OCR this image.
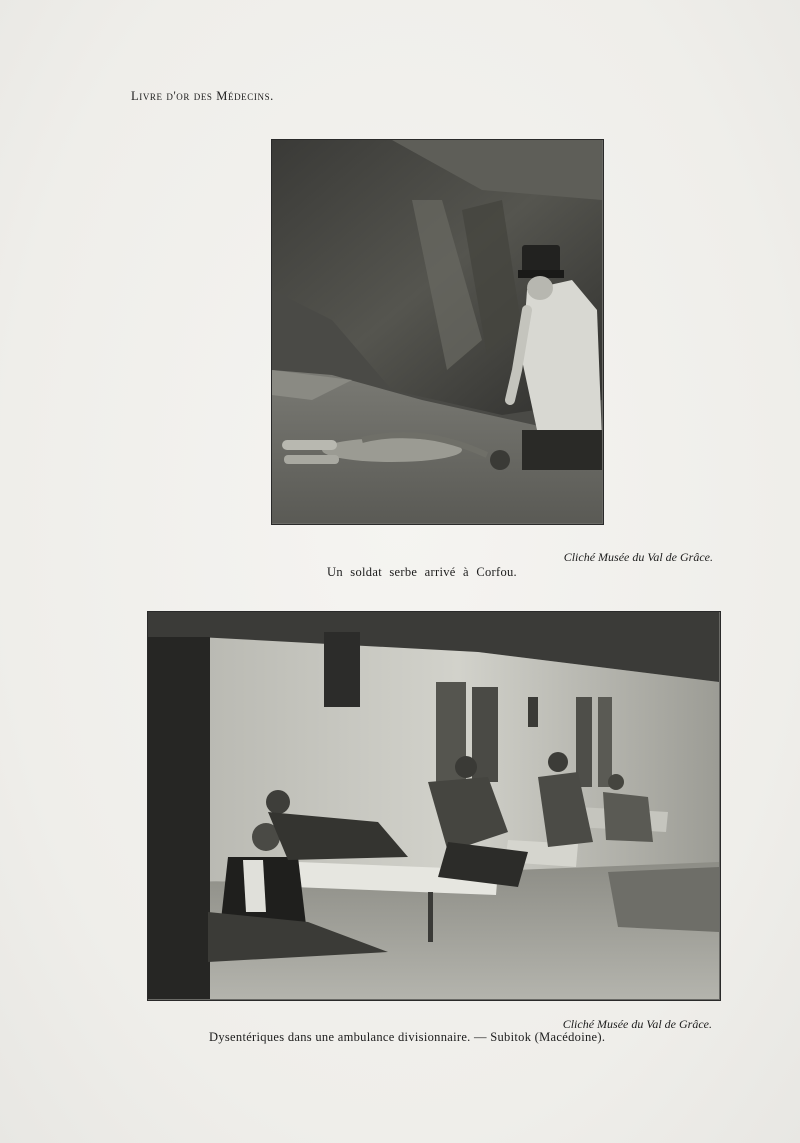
Livre d'or des Médecins.
Cliché Musée du Val de Grâce.
Un soldat serbe arrivé à Corfou.
Cliché Musée du Val de Grâce.
Dysentériques dans une ambulance divisionnaire. — Subitok (Macédoine).
